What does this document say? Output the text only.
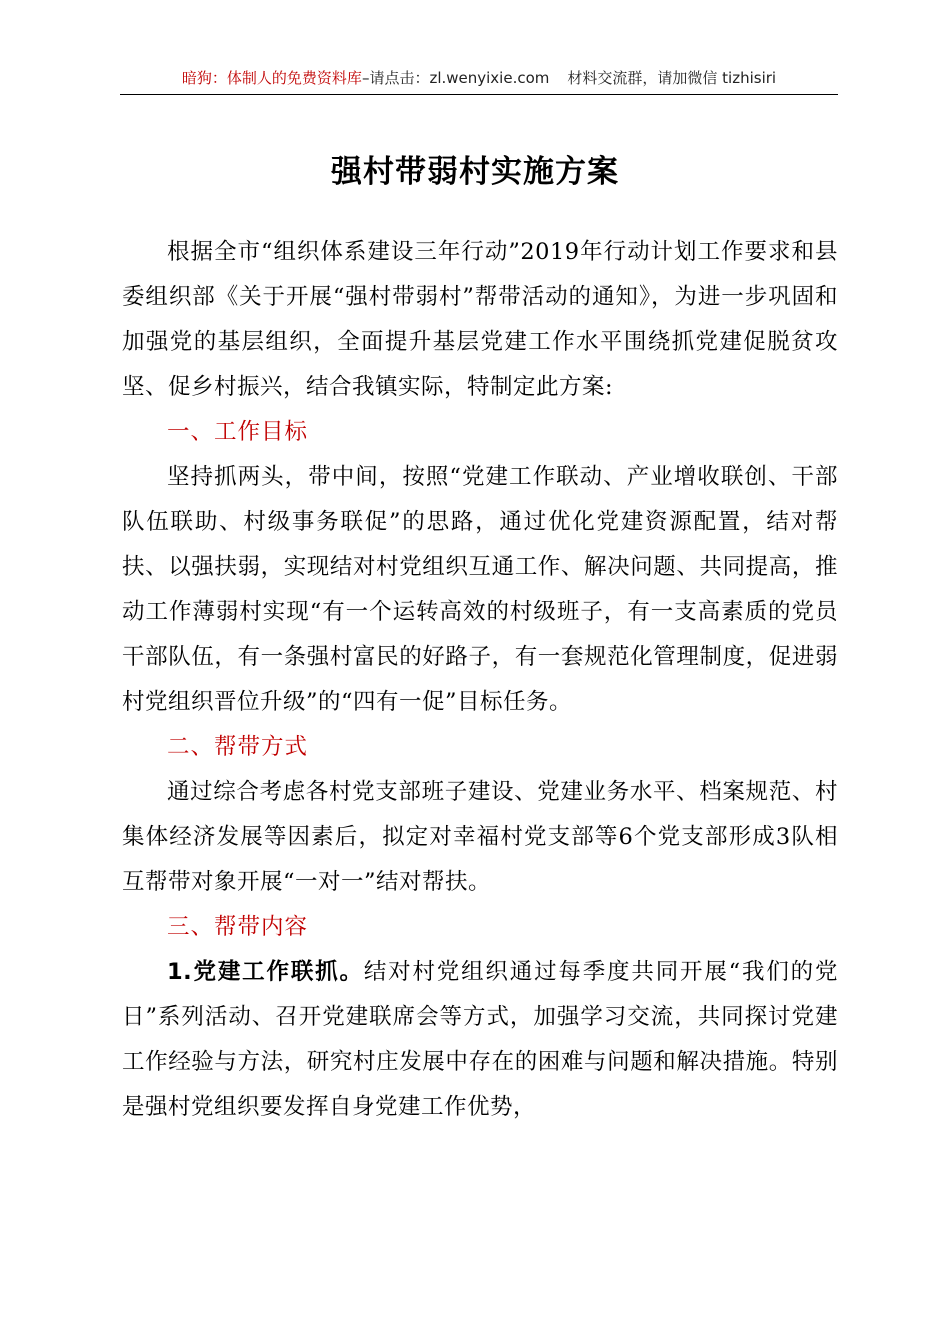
暗狗：体制人的免费资料库–请点击：zl.wenyixie.com 材料交流群，请加微信 tizhisiri
强村带弱村实施方案

根据全市“组织体系建设三年行动”2019年行动计划工作要求和县委组织部《关于开展“强村带弱村”帮带活动的通知》，为进一步巩固和加强党的基层组织，全面提升基层党建工作水平围绕抓党建促脱贫攻坚、促乡村振兴，结合我镇实际，特制定此方案:

一、工作目标

坚持抓两头，带中间，按照“党建工作联动、产业增收联创、干部队伍联助、村级事务联促”的思路，通过优化党建资源配置，结对帮扶、以强扶弱，实现结对村党组织互通工作、解决问题、共同提高，推动工作薄弱村实现“有一个运转高效的村级班子，有一支高素质的党员干部队伍，有一条强村富民的好路子，有一套规范化管理制度，促进弱村党组织晋位升级”的“四有一促”目标任务。

二、帮带方式

通过综合考虑各村党支部班子建设、党建业务水平、档案规范、村集体经济发展等因素后，拟定对幸福村党支部等6个党支部形成3队相互帮带对象开展“一对一”结对帮扶。

三、帮带内容

1.党建工作联抓。结对村党组织通过每季度共同开展“我们的党日”系列活动、召开党建联席会等方式，加强学习交流，共同探讨党建工作经验与方法，研究村庄发展中存在的困难与问题和解决措施。特别是强村党组织要发挥自身党建工作优势，
